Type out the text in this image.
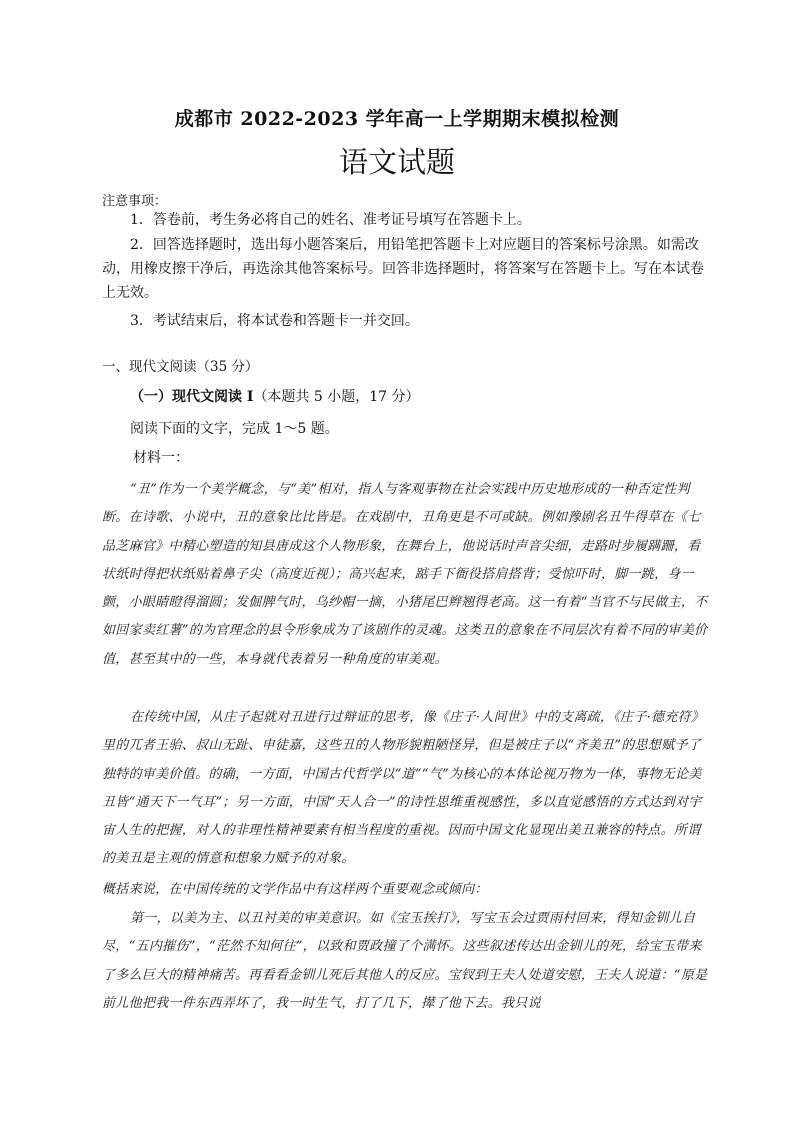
成都市 2022-2023 学年高一上学期期末模拟检测
语文试题
注意事项：
1．答卷前，考生务必将自己的姓名、准考证号填写在答题卡上。
2．回答选择题时，选出每小题答案后，用铅笔把答题卡上对应题目的答案标号涂黑。如需改动，用橡皮擦干净后，再选涂其他答案标号。回答非选择题时，将答案写在答题卡上。写在本试卷上无效。
3．考试结束后，将本试卷和答题卡一并交回。
一、现代文阅读（35 分）
（一）现代文阅读 I（本题共 5 小题，17 分）
阅读下面的文字，完成 1～5 题。
材料一：
“丑”作为一个美学概念，与“美”相对，指人与客观事物在社会实践中历史地形成的一种否定性判断。在诗歌、小说中，丑的意象比比皆是。在戏剧中，丑角更是不可或缺。例如豫剧名丑牛得草在《七品芝麻官》中精心塑造的知县唐成这个人物形象，在舞台上，他说话时声音尖细，走路时步履蹒跚，看状纸时得把状纸贴着鼻子尖（高度近视）；高兴起来，踮手下衙役搭肩搭背；受惊吓时，脚一跳，身一颤，小眼睛瞪得溜圆；发倔脾气时，乌纱帽一摘，小猪尾巴辫翘得老高。这一有着“当官不与民做主，不如回家卖红薯”的为官理念的县令形象成为了该剧作的灵魂。这类丑的意象在不同层次有着不同的审美价值，甚至其中的一些，本身就代表着另一种角度的审美观。
在传统中国，从庄子起就对丑进行过辩证的思考，像《庄子·人间世》中的支离疏，《庄子·德充符》里的兀者王骀、叔山无趾、申徒嘉，这些丑的人物形貌粗陋怪异，但是被庄子以“齐美丑”的思想赋予了独特的审美价值。的确，一方面，中国古代哲学以“道”“气”为核心的本体论视万物为一体，事物无论美丑皆“通天下一气耳”；另一方面，中国“天人合一”的诗性思维重视感性，多以直觉感悟的方式达到对宇宙人生的把握，对人的非理性精神要素有相当程度的重视。因而中国文化显现出美丑兼容的特点。所谓的美丑是主观的情意和想象力赋予的对象。
概括来说，在中国传统的文学作品中有这样两个重要观念或倾向：
第一，以美为主、以丑衬美的审美意识。如《宝玉挨打》，写宝玉会过贾雨村回来，得知金钏儿自尽，“五内摧伤”，“茫然不知何往”，以致和贾政撞了个满怀。这些叙述传达出金钏儿的死，给宝玉带来了多么巨大的精神痛苦。再看看金钏儿死后其他人的反应。宝钗到王夫人处道安慰，王夫人说道：“原是前儿他把我一件东西弄坏了，我一时生气，打了几下，撵了他下去。我只说
